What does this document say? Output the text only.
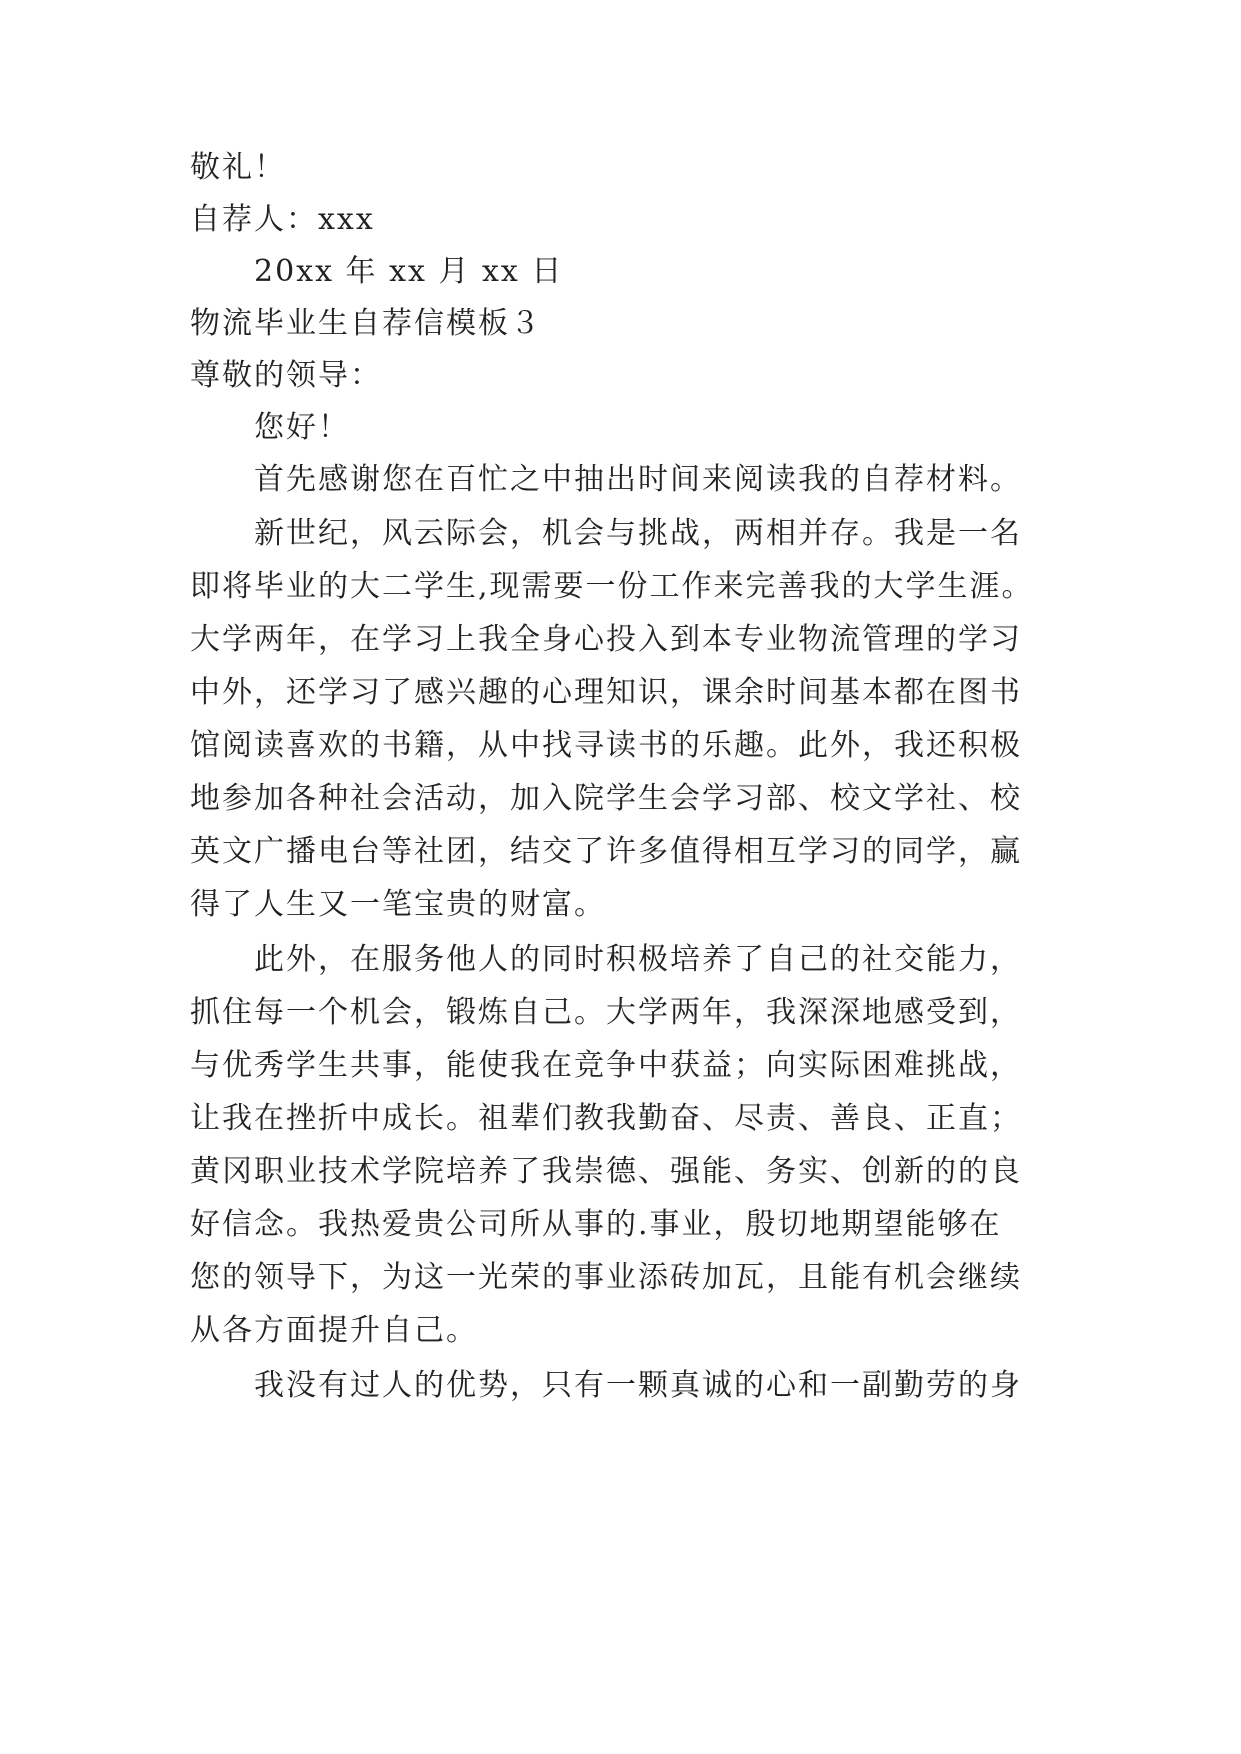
敬礼！
自荐人：xxx
20xx 年 xx 月 xx 日
物流毕业生自荐信模板３
尊敬的领导：
您好！
首先感谢您在百忙之中抽出时间来阅读我的自荐材料。
新世纪，风云际会，机会与挑战，两相并存。我是一名
即将毕业的大二学生,现需要一份工作来完善我的大学生涯。
大学两年，在学习上我全身心投入到本专业物流管理的学习
中外，还学习了感兴趣的心理知识，课余时间基本都在图书
馆阅读喜欢的书籍，从中找寻读书的乐趣。此外，我还积极
地参加各种社会活动，加入院学生会学习部、校文学社、校
英文广播电台等社团，结交了许多值得相互学习的同学，赢
得了人生又一笔宝贵的财富。
此外，在服务他人的同时积极培养了自己的社交能力，
抓住每一个机会，锻炼自己。大学两年，我深深地感受到，
与优秀学生共事，能使我在竞争中获益；向实际困难挑战，
让我在挫折中成长。祖辈们教我勤奋、尽责、善良、正直；
黄冈职业技术学院培养了我崇德、强能、务实、创新的的良
好信念。我热爱贵公司所从事的.事业，殷切地期望能够在
您的领导下，为这一光荣的事业添砖加瓦，且能有机会继续
从各方面提升自己。
我没有过人的优势，只有一颗真诚的心和一副勤劳的身
